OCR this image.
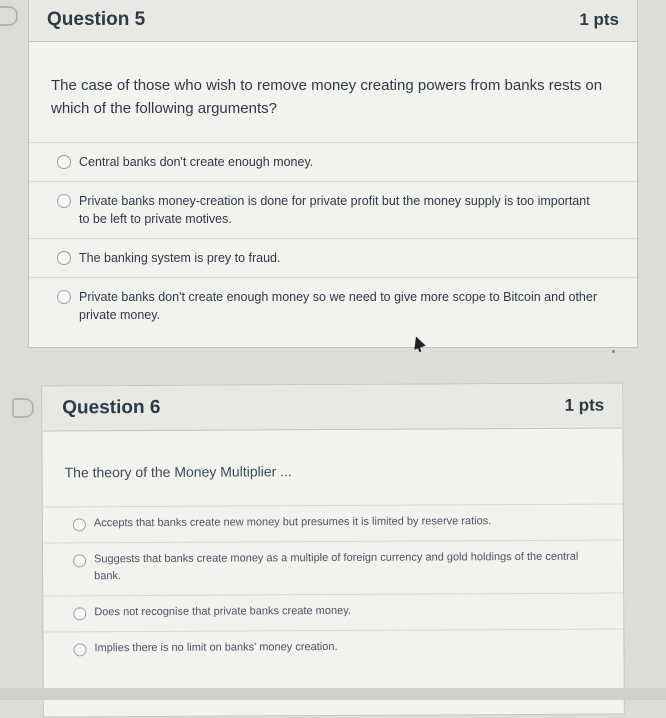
Question 5	1 pts
The case of those who wish to remove money creating powers from banks rests on which of the following arguments?
Central banks don't create enough money.
Private banks money-creation is done for private profit but the money supply is too important to be left to private motives.
The banking system is prey to fraud.
Private banks don't create enough money so we need to give more scope to Bitcoin and other private money.
Question 6	1 pts
The theory of the Money Multiplier ...
Accepts that banks create new money but presumes it is limited by reserve ratios.
Suggests that banks create money as a multiple of foreign currency and gold holdings of the central bank.
Does not recognise that private banks create money.
Implies there is no limit on banks' money creation.
